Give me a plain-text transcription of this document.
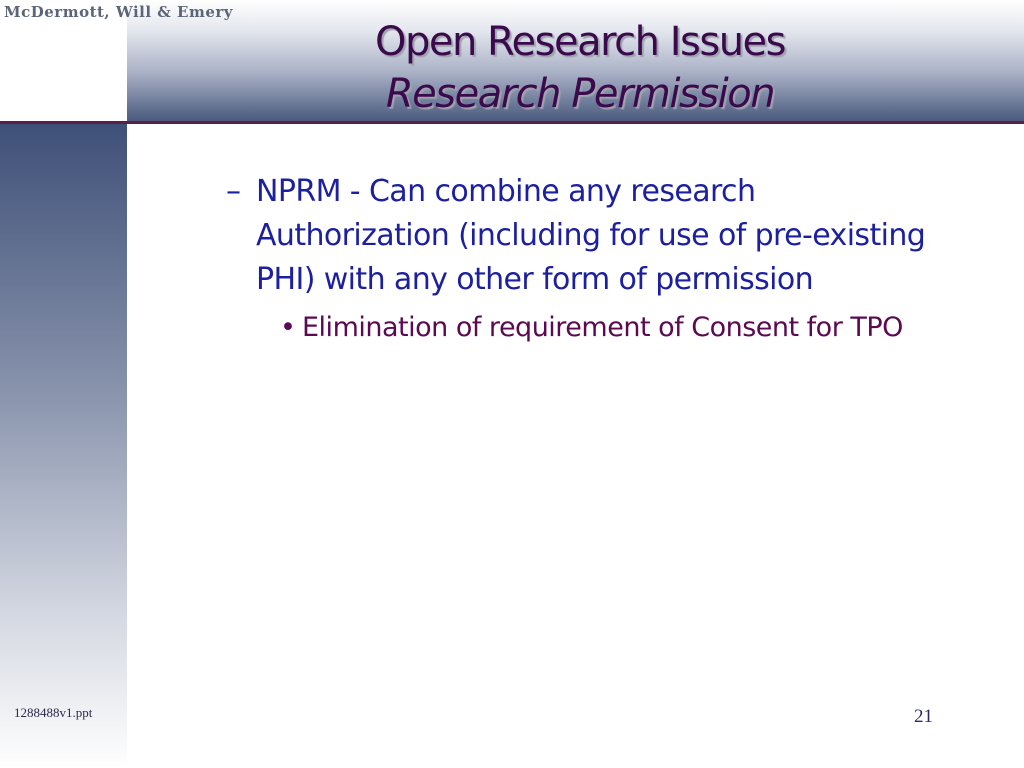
McDermott, Will & Emery
Open Research Issues
Research Permission
– NPRM - Can combine any research Authorization (including for use of pre-existing PHI) with any other form of permission
• Elimination of requirement of Consent for TPO
1288488v1.ppt	21
